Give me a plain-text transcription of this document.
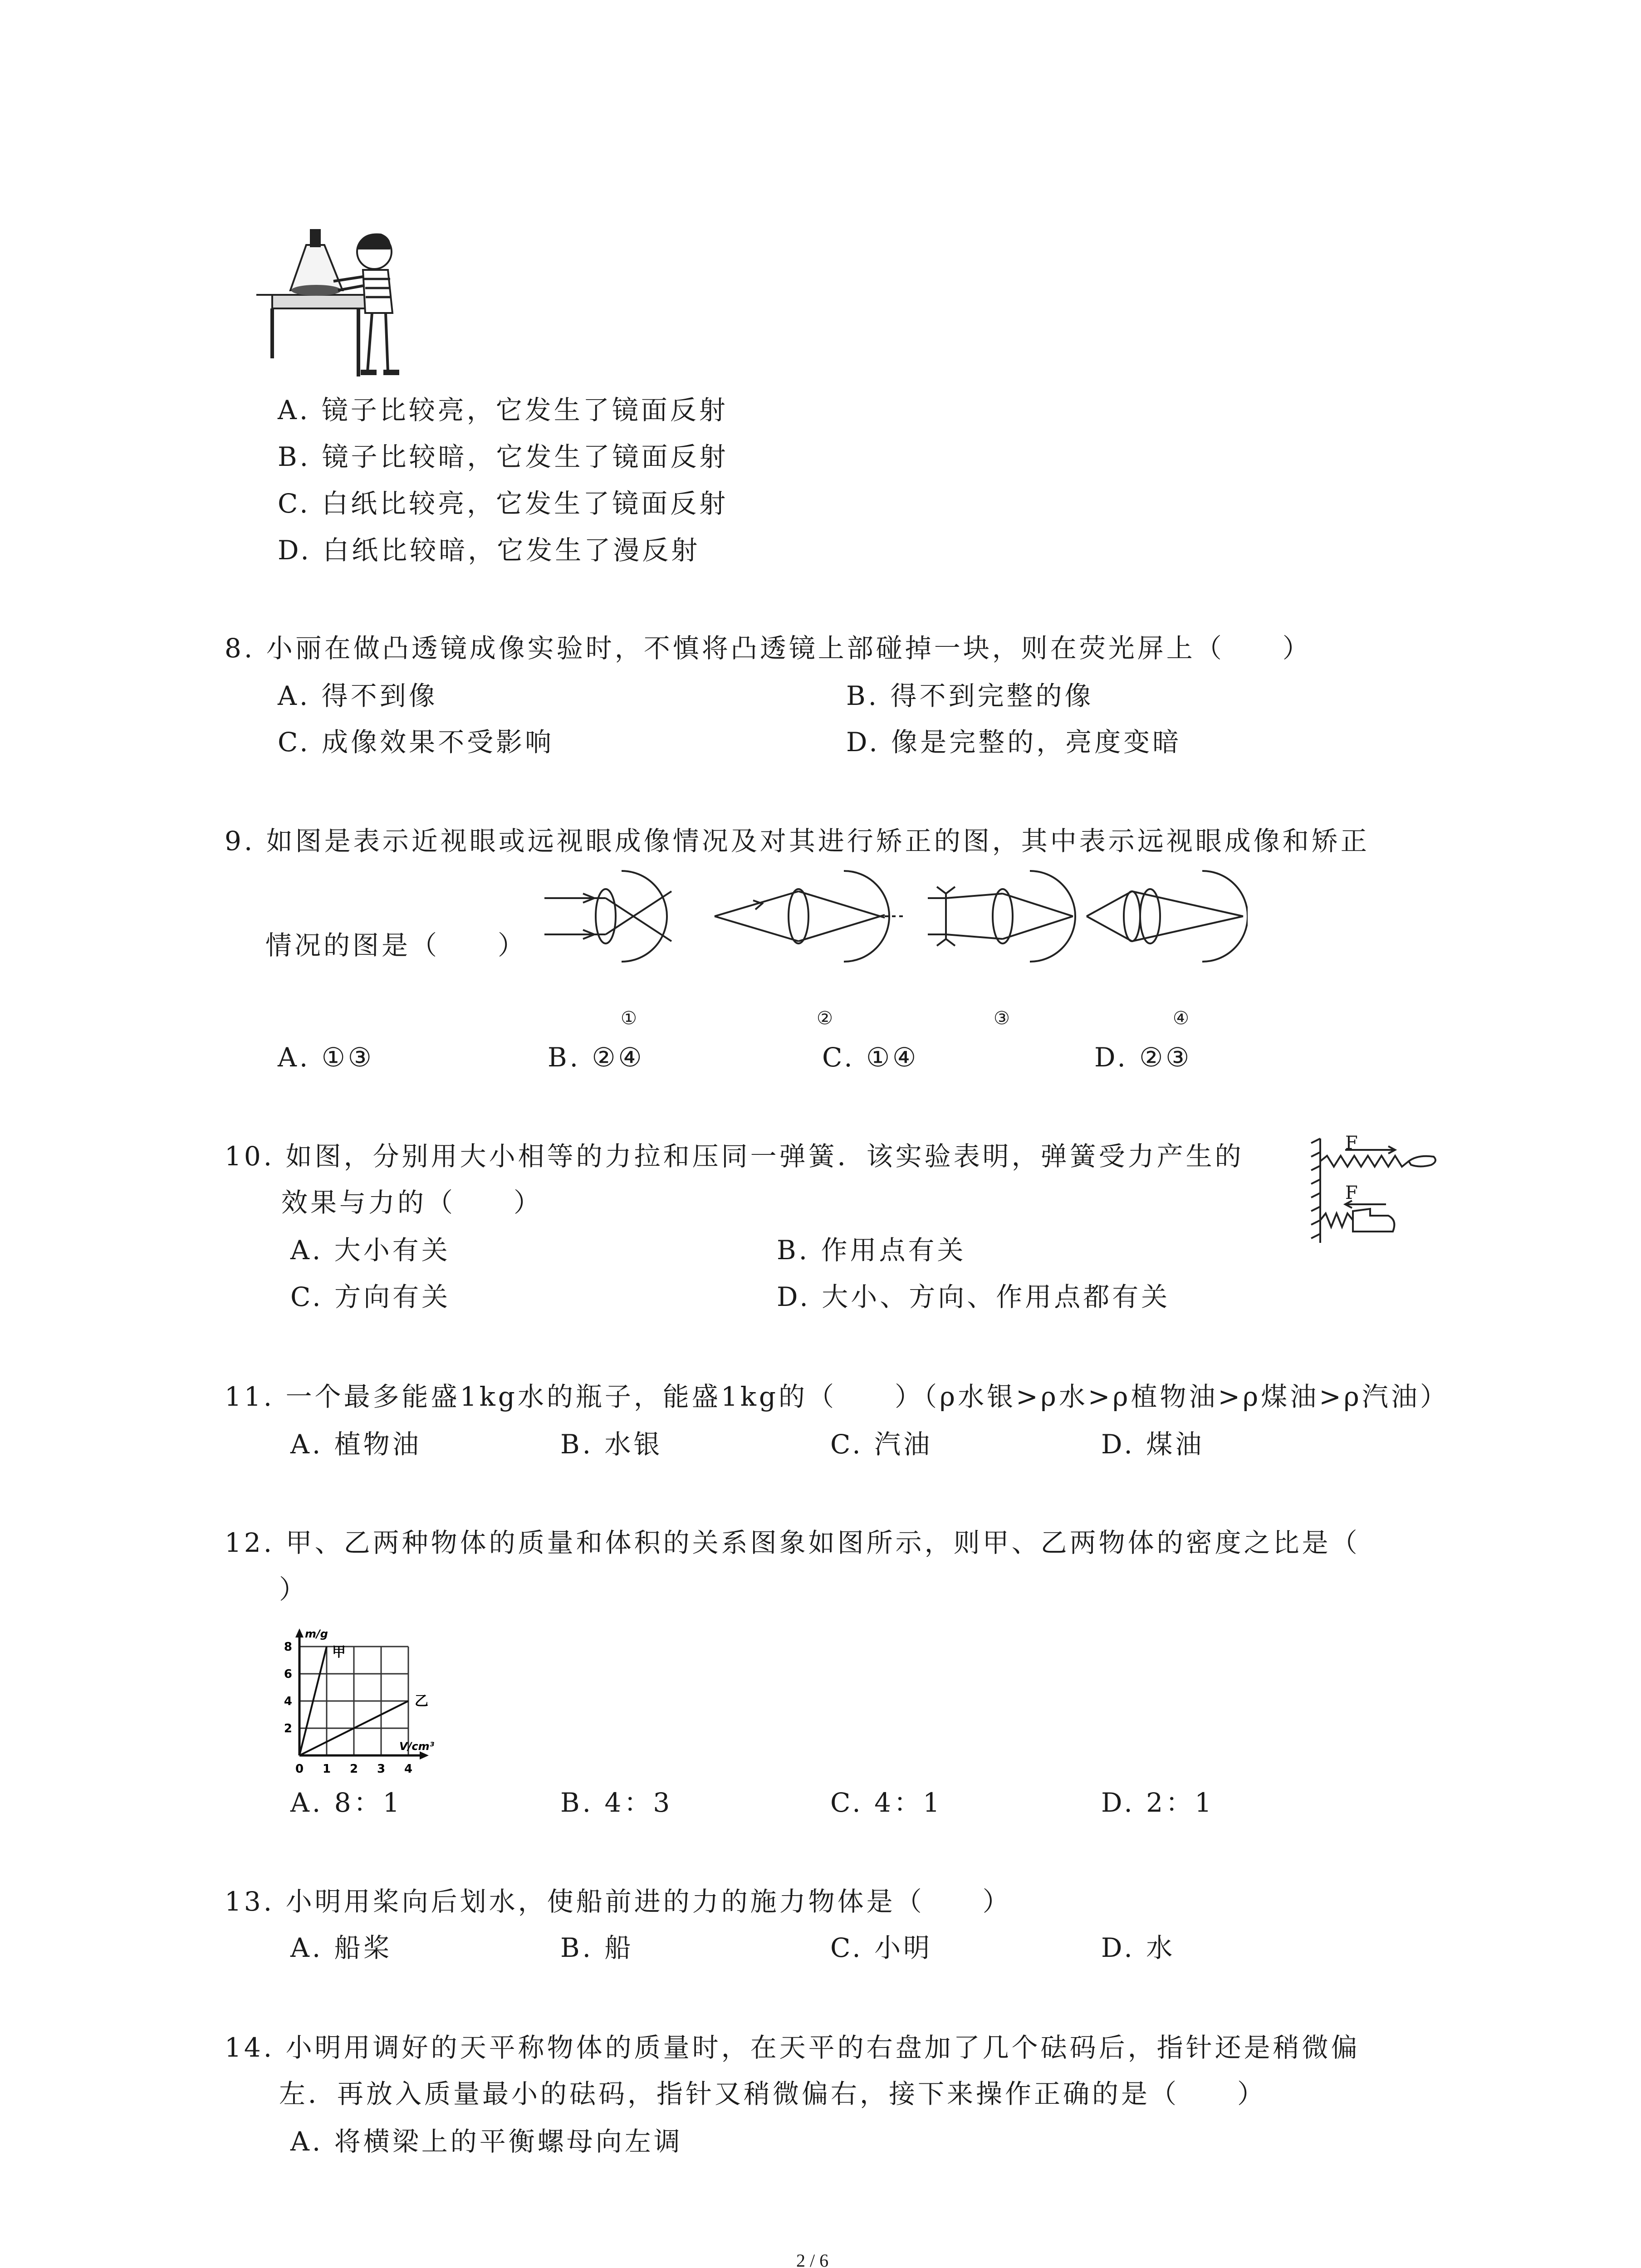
A. 镜子比较亮，它发生了镜面反射
B. 镜子比较暗，它发生了镜面反射
C. 白纸比较亮，它发生了镜面反射
D. 白纸比较暗，它发生了漫反射
8. 小丽在做凸透镜成像实验时，不慎将凸透镜上部碰掉一块，则在荧光屏上（　　）
A. 得不到像	B. 得不到完整的像
C. 成像效果不受影响	D. 像是完整的，亮度变暗
9. 如图是表示近视眼或远视眼成像情况及对其进行矫正的图，其中表示远视眼成像和矫正
情况的图是（　　）
①	②	③	④
A. ①③	B. ②④	C. ①④	D. ②③
10. 如图，分别用大小相等的力拉和压同一弹簧．该实验表明，弹簧受力产生的
效果与力的（　　）
F
F
A. 大小有关	B. 作用点有关
C. 方向有关	D. 大小、方向、作用点都有关
11. 一个最多能盛1kg水的瓶子，能盛1kg的（　　）（ρ水银>ρ水>ρ植物油>ρ煤油>ρ汽油）
A. 植物油	B. 水银	C. 汽油	D. 煤油
12. 甲、乙两种物体的质量和体积的关系图象如图所示，则甲、乙两物体的密度之比是（
）
0 1 2 3 4
2
4
6
8
m/g
V/cm³
甲
乙
A. 8：1	B. 4：3	C. 4：1	D. 2：1
13. 小明用桨向后划水，使船前进的力的施力物体是（　　）
A. 船桨	B. 船	C. 小明	D. 水
14. 小明用调好的天平称物体的质量时，在天平的右盘加了几个砝码后，指针还是稍微偏
左．再放入质量最小的砝码，指针又稍微偏右，接下来操作正确的是（　　）
A. 将横梁上的平衡螺母向左调
2 / 6
